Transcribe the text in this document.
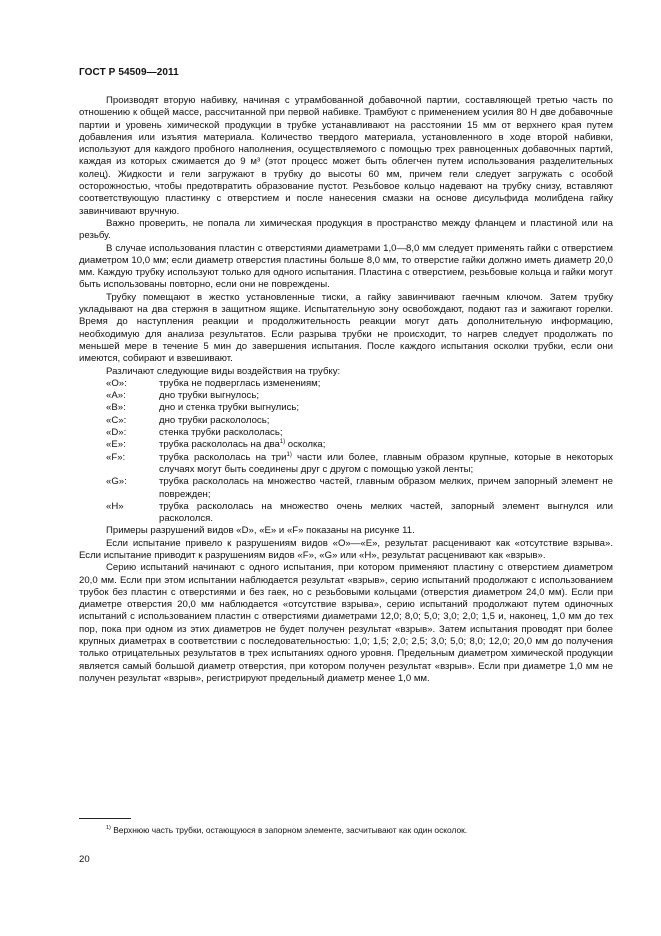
ГОСТ Р 54509—2011

Производят вторую набивку, начиная с утрамбованной добавочной партии, составляющей третью часть по отношению к общей массе, рассчитанной при первой набивке. Трамбуют с применением усилия 80 Н две добавочные партии и уровень химической продукции в трубке устанавливают на расстоянии 15 мм от верхнего края путем добавления или изъятия материала. Количество твердого материала, установленного в ходе второй набивки, используют для каждого пробного наполнения, осуществляемого с помощью трех равноценных добавочных партий, каждая из которых сжимается до 9 м³ (этот процесс может быть облегчен путем использования разделительных колец). Жидкости и гели загружают в трубку до высоты 60 мм, причем гели следует загружать с особой осторожностью, чтобы предотвратить образование пустот. Резьбовое кольцо надевают на трубку снизу, вставляют соответствующую пластинку с отверстием и после нанесения смазки на основе дисульфида молибдена гайку завинчивают вручную.

Важно проверить, не попала ли химическая продукция в пространство между фланцем и пластиной или на резьбу.

В случае использования пластин с отверстиями диаметрами 1,0—8,0 мм следует применять гайки с отверстием диаметром 10,0 мм; если диаметр отверстия пластины больше 8,0 мм, то отверстие гайки должно иметь диаметр 20,0 мм. Каждую трубку используют только для одного испытания. Пластина с отверстием, резьбовые кольца и гайки могут быть использованы повторно, если они не повреждены.

Трубку помещают в жестко установленные тиски, а гайку завинчивают гаечным ключом. Затем трубку укладывают на два стержня в защитном ящике. Испытательную зону освобождают, подают газ и зажигают горелки. Время до наступления реакции и продолжительность реакции могут дать дополнительную информацию, необходимую для анализа результатов. Если разрыва трубки не происходит, то нагрев следует продолжать по меньшей мере в течение 5 мин до завершения испытания. После каждого испытания осколки трубки, если они имеются, собирают и взвешивают.

Различают следующие виды воздействия на трубку:

«O»:	трубка не подверглась изменениям;
«A»:	дно трубки выгнулось;
«B»:	дно и стенка трубки выгнулись;
«C»:	дно трубки раскололось;
«D»:	стенка трубки раскололась;
«E»:	трубка раскололась на два$^{1)}$ осколка;
«F»:	трубка раскололась на три$^{1)}$ части или более, главным образом крупные, которые в некоторых случаях могут быть соединены друг с другом с помощью узкой ленты;
«G»:	трубка раскололась на множество частей, главным образом мелких, причем запорный элемент не поврежден;
«H»	трубка раскололась на множество очень мелких частей, запорный элемент выгнулся или раскололся.

Примеры разрушений видов «D», «E» и «F» показаны на рисунке 11.

Если испытание привело к разрушениям видов «O»—«E», результат расценивают как «отсутствие взрыва». Если испытание приводит к разрушениям видов «F», «G» или «H», результат расценивают как «взрыв».

Серию испытаний начинают с одного испытания, при котором применяют пластину с отверстием диаметром 20,0 мм. Если при этом испытании наблюдается результат «взрыв», серию испытаний продолжают с использованием трубок без пластин с отверстиями и без гаек, но с резьбовыми кольцами (отверстия диаметром 24,0 мм). Если при диаметре отверстия 20,0 мм наблюдается «отсутствие взрыва», серию испытаний продолжают путем одиночных испытаний с использованием пластин с отверстиями диаметрами 12,0; 8,0; 5,0; 3,0; 2,0; 1,5 и, наконец, 1,0 мм до тех пор, пока при одном из этих диаметров не будет получен результат «взрыв». Затем испытания проводят при более крупных диаметрах в соответствии с последовательностью: 1,0; 1,5; 2,0; 2,5; 3,0; 5,0; 8,0; 12,0; 20,0 мм до получения только отрицательных результатов в трех испытаниях одного уровня. Предельным диаметром химической продукции является самый большой диаметр отверстия, при котором получен результат «взрыв». Если при диаметре 1,0 мм не получен результат «взрыв», регистрируют предельный диаметр менее 1,0 мм.

$^{1)}$ Верхнюю часть трубки, остающуюся в запорном элементе, засчитывают как один осколок.
20
